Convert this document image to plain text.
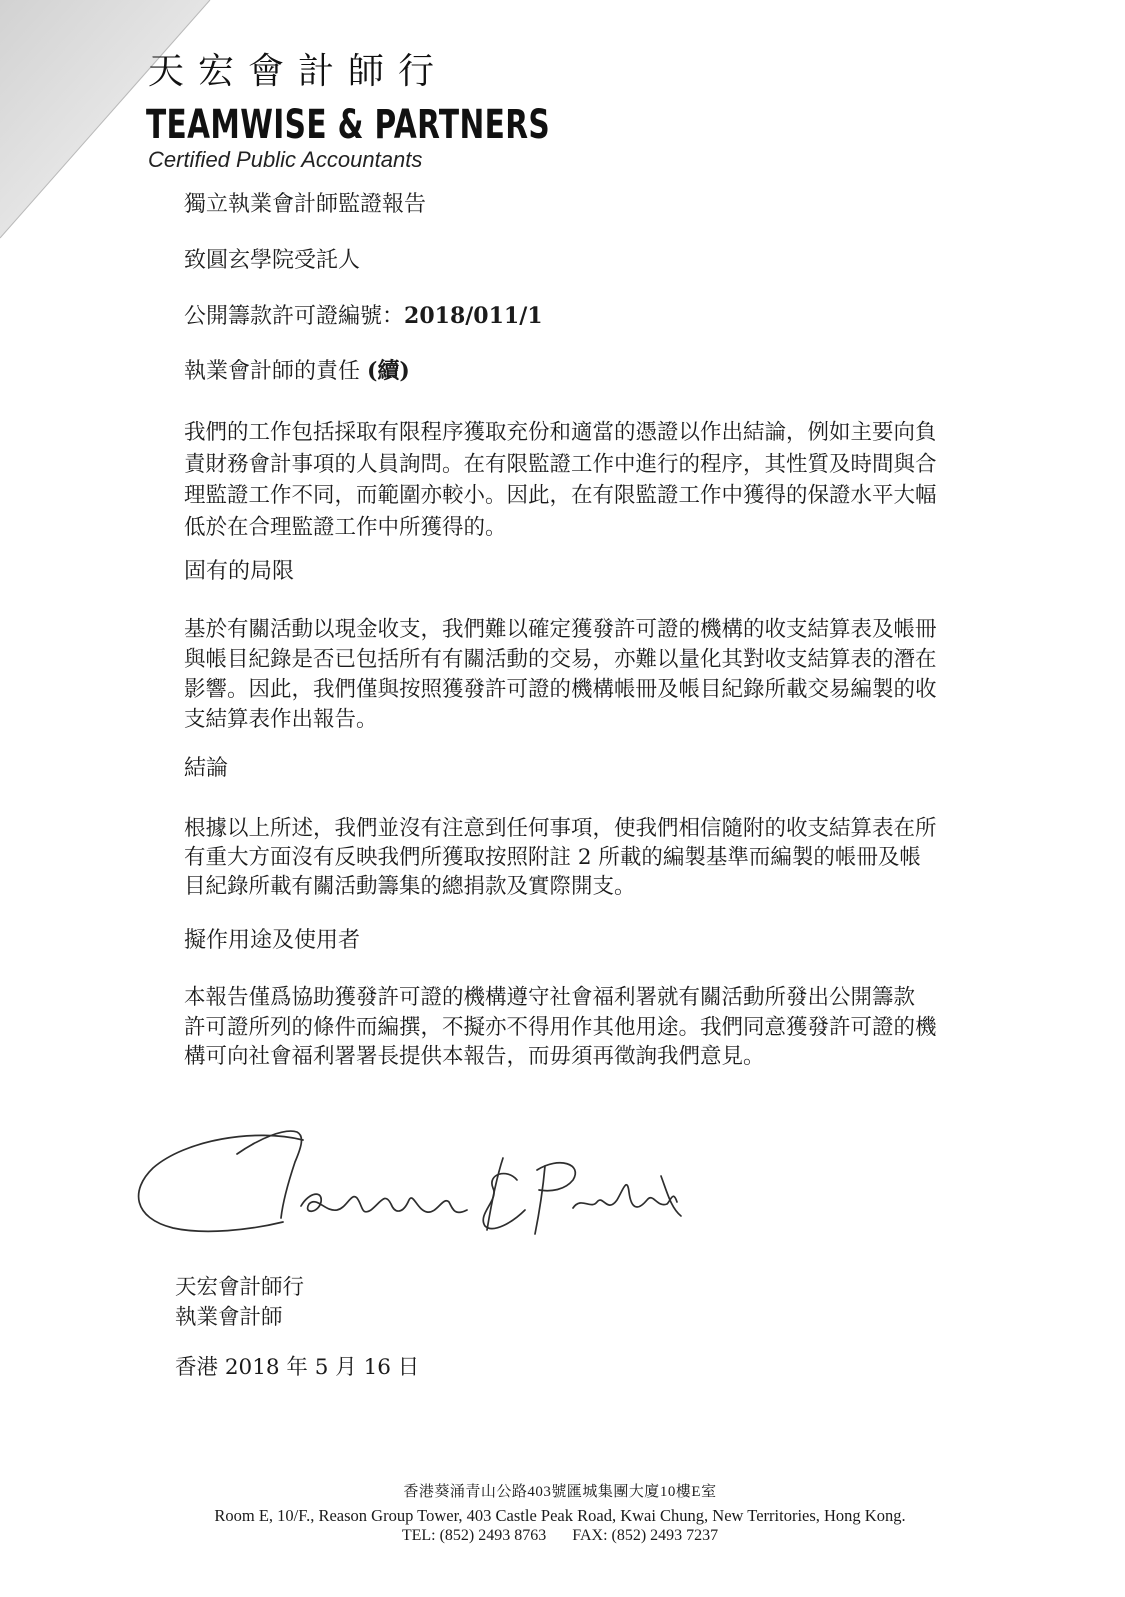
天宏會計師行
TEAMWISE & PARTNERS
Certified Public Accountants
獨立執業會計師監證報告
致圓玄學院受託人
公開籌款許可證編號：2018/011/1
執業會計師的責任 (續)
我們的工作包括採取有限程序獲取充份和適當的憑證以作出結論，例如主要向負
責財務會計事項的人員詢問。在有限監證工作中進行的程序，其性質及時間與合
理監證工作不同，而範圍亦較小。因此，在有限監證工作中獲得的保證水平大幅
低於在合理監證工作中所獲得的。
固有的局限
基於有關活動以現金收支，我們難以確定獲發許可證的機構的收支結算表及帳冊
與帳目紀錄是否已包括所有有關活動的交易，亦難以量化其對收支結算表的潛在
影響。因此，我們僅與按照獲發許可證的機構帳冊及帳目紀錄所載交易編製的收
支結算表作出報告。
結論
根據以上所述，我們並沒有注意到任何事項，使我們相信隨附的收支結算表在所
有重大方面沒有反映我們所獲取按照附註 2 所載的編製基準而編製的帳冊及帳
目紀錄所載有關活動籌集的總捐款及實際開支。
擬作用途及使用者
本報告僅爲協助獲發許可證的機構遵守社會福利署就有關活動所發出公開籌款
許可證所列的條件而編撰，不擬亦不得用作其他用途。我們同意獲發許可證的機
構可向社會福利署署長提供本報告，而毋須再徵詢我們意見。
天宏會計師行
執業會計師
香港 2018 年 5 月 16 日
香港葵涌青山公路403號匯城集團大廈10樓E室
Room E, 10/F., Reason Group Tower, 403 Castle Peak Road, Kwai Chung, New Territories, Hong Kong.
TEL: (852) 2493 8763 FAX: (852) 2493 7237
